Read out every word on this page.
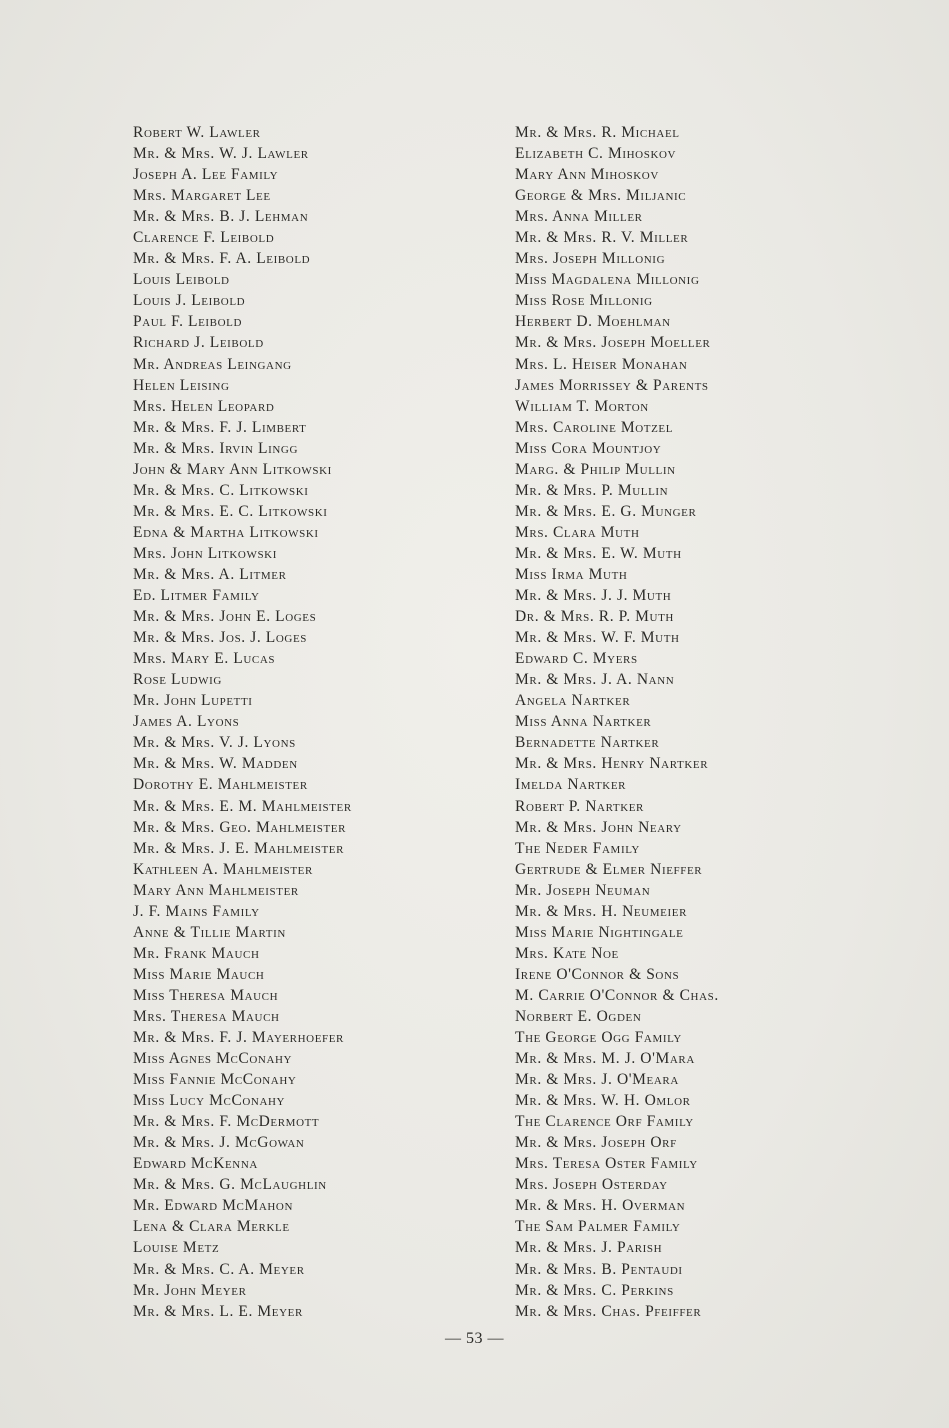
Robert W. Lawler
Mr. & Mrs. W. J. Lawler
Joseph A. Lee Family
Mrs. Margaret Lee
Mr. & Mrs. B. J. Lehman
Clarence F. Leibold
Mr. & Mrs. F. A. Leibold
Louis Leibold
Louis J. Leibold
Paul F. Leibold
Richard J. Leibold
Mr. Andreas Leingang
Helen Leising
Mrs. Helen Leopard
Mr. & Mrs. F. J. Limbert
Mr. & Mrs. Irvin Lingg
John & Mary Ann Litkowski
Mr. & Mrs. C. Litkowski
Mr. & Mrs. E. C. Litkowski
Edna & Martha Litkowski
Mrs. John Litkowski
Mr. & Mrs. A. Litmer
Ed. Litmer Family
Mr. & Mrs. John E. Loges
Mr. & Mrs. Jos. J. Loges
Mrs. Mary E. Lucas
Rose Ludwig
Mr. John Lupetti
James A. Lyons
Mr. & Mrs. V. J. Lyons
Mr. & Mrs. W. Madden
Dorothy E. Mahlmeister
Mr. & Mrs. E. M. Mahlmeister
Mr. & Mrs. Geo. Mahlmeister
Mr. & Mrs. J. E. Mahlmeister
Kathleen A. Mahlmeister
Mary Ann Mahlmeister
J. F. Mains Family
Anne & Tillie Martin
Mr. Frank Mauch
Miss Marie Mauch
Miss Theresa Mauch
Mrs. Theresa Mauch
Mr. & Mrs. F. J. Mayerhoefer
Miss Agnes McConahy
Miss Fannie McConahy
Miss Lucy McConahy
Mr. & Mrs. F. McDermott
Mr. & Mrs. J. McGowan
Edward McKenna
Mr. & Mrs. G. McLaughlin
Mr. Edward McMahon
Lena & Clara Merkle
Louise Metz
Mr. & Mrs. C. A. Meyer
Mr. John Meyer
Mr. & Mrs. L. E. Meyer
Mr. & Mrs. R. Michael
Elizabeth C. Mihoskov
Mary Ann Mihoskov
George & Mrs. Miljanic
Mrs. Anna Miller
Mr. & Mrs. R. V. Miller
Mrs. Joseph Millonig
Miss Magdalena Millonig
Miss Rose Millonig
Herbert D. Moehlman
Mr. & Mrs. Joseph Moeller
Mrs. L. Heiser Monahan
James Morrissey & Parents
William T. Morton
Mrs. Caroline Motzel
Miss Cora Mountjoy
Marg. & Philip Mullin
Mr. & Mrs. P. Mullin
Mr. & Mrs. E. G. Munger
Mrs. Clara Muth
Mr. & Mrs. E. W. Muth
Miss Irma Muth
Mr. & Mrs. J. J. Muth
Dr. & Mrs. R. P. Muth
Mr. & Mrs. W. F. Muth
Edward C. Myers
Mr. & Mrs. J. A. Nann
Angela Nartker
Miss Anna Nartker
Bernadette Nartker
Mr. & Mrs. Henry Nartker
Imelda Nartker
Robert P. Nartker
Mr. & Mrs. John Neary
The Neder Family
Gertrude & Elmer Nieffer
Mr. Joseph Neuman
Mr. & Mrs. H. Neumeier
Miss Marie Nightingale
Mrs. Kate Noe
Irene O'Connor & Sons
M. Carrie O'Connor & Chas.
Norbert E. Ogden
The George Ogg Family
Mr. & Mrs. M. J. O'Mara
Mr. & Mrs. J. O'Meara
Mr. & Mrs. W. H. Omlor
The Clarence Orf Family
Mr. & Mrs. Joseph Orf
Mrs. Teresa Oster Family
Mrs. Joseph Osterday
Mr. & Mrs. H. Overman
The Sam Palmer Family
Mr. & Mrs. J. Parish
Mr. & Mrs. B. Pentaudi
Mr. & Mrs. C. Perkins
Mr. & Mrs. Chas. Pfeiffer
— 53 —
